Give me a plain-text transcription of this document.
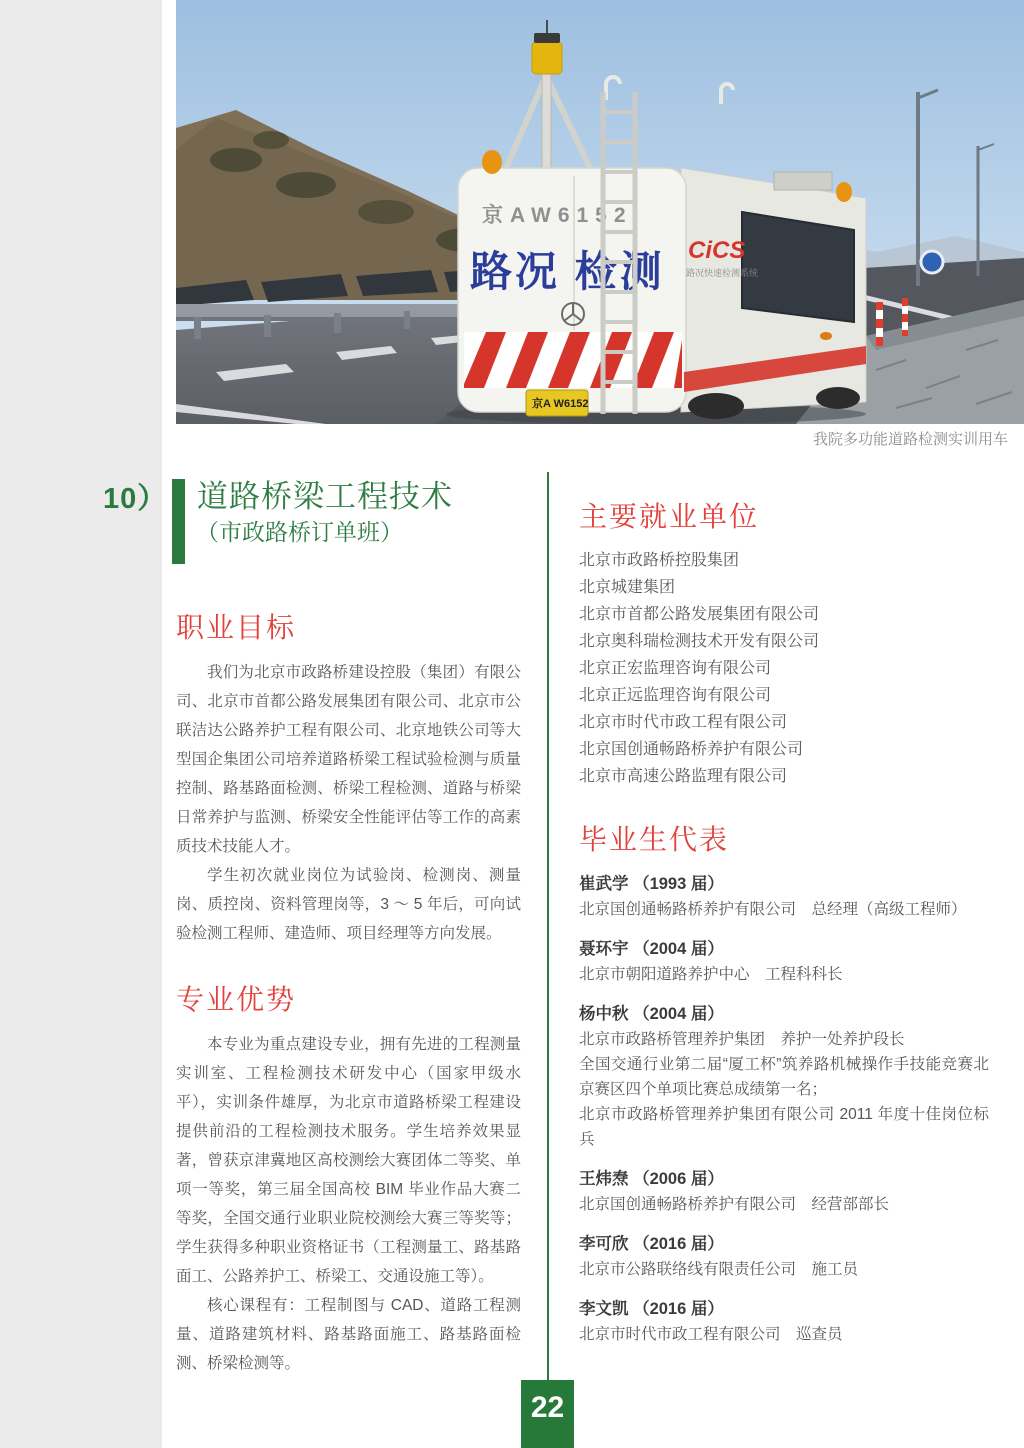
京AW6152
路况 检测 CiCS
路况快速检测系统
京A W6152
我院多功能道路检测实训用车
10） 道路桥梁工程技术
（市政路桥订单班）
职业目标

我们为北京市政路桥建设控股（集团）有限公司、北京市首都公路发展集团有限公司、北京市公联洁达公路养护工程有限公司、北京地铁公司等大型国企集团公司培养道路桥梁工程试验检测与质量控制、路基路面检测、桥梁工程检测、道路与桥梁日常养护与监测、桥梁安全性能评估等工作的高素质技术技能人才。

学生初次就业岗位为试验岗、检测岗、测量岗、质控岗、资料管理岗等，3 ～ 5 年后，可向试验检测工程师、建造师、项目经理等方向发展。

专业优势

本专业为重点建设专业，拥有先进的工程测量实训室、工程检测技术研发中心（国家甲级水平），实训条件雄厚，为北京市道路桥梁工程建设提供前沿的工程检测技术服务。学生培养效果显著，曾获京津冀地区高校测绘大赛团体二等奖、单项一等奖，第三届全国高校 BIM 毕业作品大赛二等奖，全国交通行业职业院校测绘大赛三等奖等；学生获得多种职业资格证书（工程测量工、路基路面工、公路养护工、桥梁工、交通设施工等）。

核心课程有：工程制图与 CAD、道路工程测量、道路建筑材料、路基路面施工、路基路面检测、桥梁检测等。

主要就业单位
北京市政路桥控股集团
北京城建集团
北京市首都公路发展集团有限公司
北京奥科瑞检测技术开发有限公司
北京正宏监理咨询有限公司
北京正远监理咨询有限公司
北京市时代市政工程有限公司
北京国创通畅路桥养护有限公司
北京市高速公路监理有限公司
毕业生代表
崔武学 （1993 届）
北京国创通畅路桥养护有限公司　总经理（高级工程师）
聂环宇 （2004 届）
北京市朝阳道路养护中心　工程科科长
杨中秋 （2004 届）
北京市政路桥管理养护集团　养护一处养护段长
全国交通行业第二届“厦工杯”筑养路机械操作手技能竞赛北京赛区四个单项比赛总成绩第一名；
北京市政路桥管理养护集团有限公司 2011 年度十佳岗位标兵
王炜焘 （2006 届）
北京国创通畅路桥养护有限公司　经营部部长
李可欣 （2016 届）
北京市公路联络线有限责任公司　施工员
李文凯 （2016 届）
北京市时代市政工程有限公司　巡查员
22
